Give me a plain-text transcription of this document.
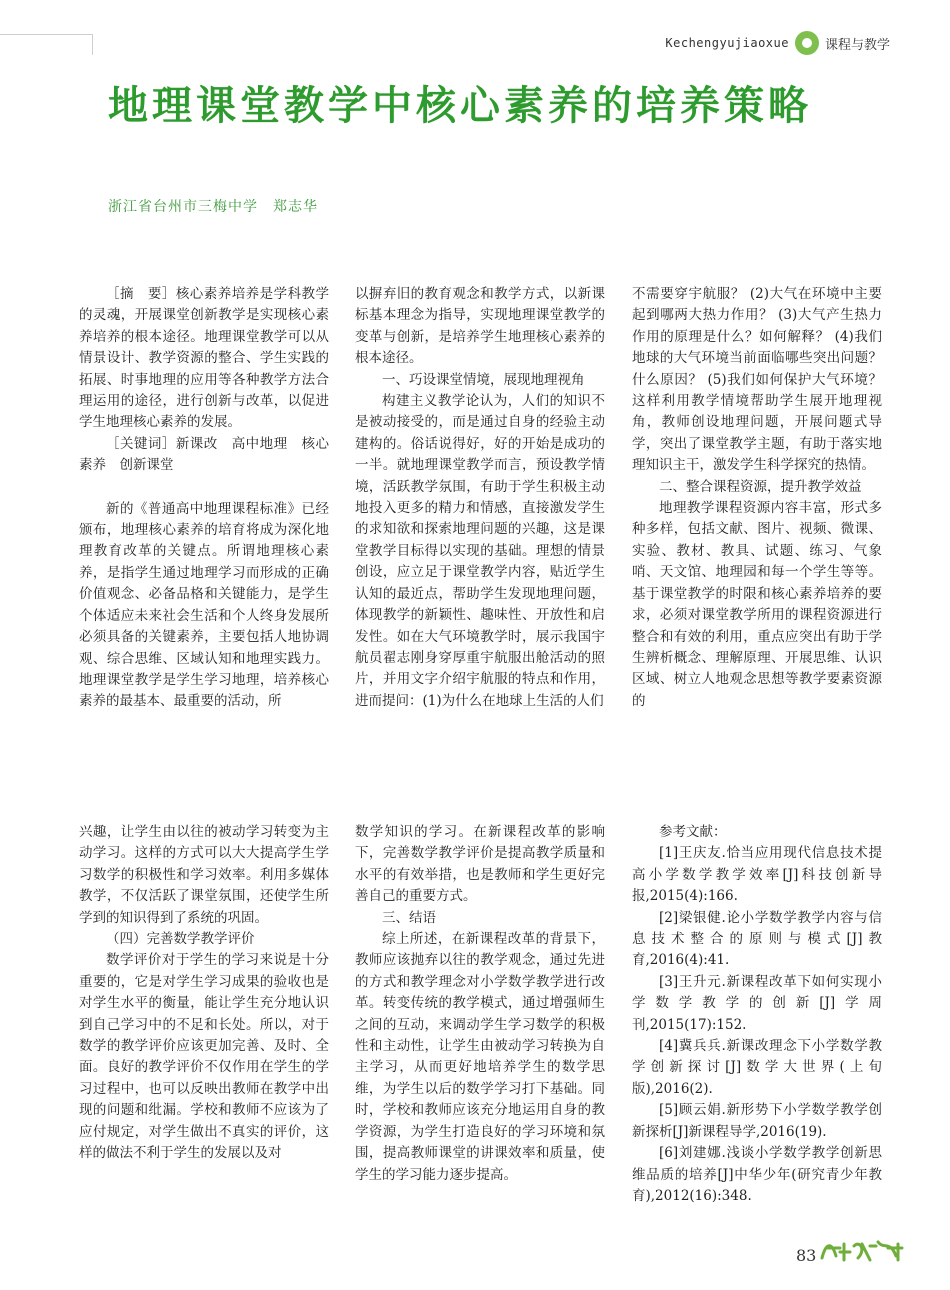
Kechengyujiaoxue	课程与教学
地理课堂教学中核心素养的培养策略
浙江省台州市三梅中学　郑志华

［摘　要］核心素养培养是学科教学的灵魂，开展课堂创新教学是实现核心素养培养的根本途径。地理课堂教学可以从情景设计、教学资源的整合、学生实践的拓展、时事地理的应用等各种教学方法合理运用的途径，进行创新与改革，以促进学生地理核心素养的发展。

［关键词］新课改　高中地理　核心素养　创新课堂

新的《普通高中地理课程标准》已经颁布，地理核心素养的培育将成为深化地理教育改革的关键点。所谓地理核心素养，是指学生通过地理学习而形成的正确价值观念、必备品格和关键能力，是学生个体适应未来社会生活和个人终身发展所必须具备的关键素养，主要包括人地协调观、综合思维、区域认知和地理实践力。地理课堂教学是学生学习地理，培养核心素养的最基本、最重要的活动，所

以摒弃旧的教育观念和教学方式，以新课标基本理念为指导，实现地理课堂教学的变革与创新，是培养学生地理核心素养的根本途径。

一、巧设课堂情境，展现地理视角

构建主义教学论认为，人们的知识不是被动接受的，而是通过自身的经验主动建构的。俗话说得好，好的开始是成功的一半。就地理课堂教学而言，预设教学情境，活跃教学氛围，有助于学生积极主动地投入更多的精力和情感，直接激发学生的求知欲和探索地理问题的兴趣，这是课堂教学目标得以实现的基础。理想的情景创设，应立足于课堂教学内容，贴近学生认知的最近点，帮助学生发现地理问题，体现教学的新颖性、趣味性、开放性和启发性。如在大气环境教学时，展示我国宇航员翟志刚身穿厚重宇航服出舱活动的照片，并用文字介绍宇航服的特点和作用，进而提问：(1)为什么在地球上生活的人们

不需要穿宇航服？ (2)大气在环境中主要起到哪两大热力作用？ (3)大气产生热力作用的原理是什么？如何解释？ (4)我们地球的大气环境当前面临哪些突出问题？什么原因？ (5)我们如何保护大气环境？这样利用教学情境帮助学生展开地理视角，教师创设地理问题，开展问题式导学，突出了课堂教学主题，有助于落实地理知识主干，激发学生科学探究的热情。

二、整合课程资源，提升教学效益

地理教学课程资源内容丰富，形式多种多样，包括文献、图片、视频、微课、实验、教材、教具、试题、练习、气象哨、天文馆、地理园和每一个学生等等。基于课堂教学的时限和核心素养培养的要求，必须对课堂教学所用的课程资源进行整合和有效的利用，重点应突出有助于学生辨析概念、理解原理、开展思维、认识区域、树立人地观念思想等教学要素资源的

兴趣，让学生由以往的被动学习转变为主动学习。这样的方式可以大大提高学生学习数学的积极性和学习效率。利用多媒体教学，不仅活跃了课堂氛围，还使学生所学到的知识得到了系统的巩固。

（四）完善数学教学评价

数学评价对于学生的学习来说是十分重要的，它是对学生学习成果的验收也是对学生水平的衡量，能让学生充分地认识到自己学习中的不足和长处。所以，对于数学的教学评价应该更加完善、及时、全面。良好的教学评价不仅作用在学生的学习过程中，也可以反映出教师在教学中出现的问题和纰漏。学校和教师不应该为了应付规定，对学生做出不真实的评价，这样的做法不利于学生的发展以及对

数学知识的学习。在新课程改革的影响下，完善数学教学评价是提高教学质量和水平的有效举措，也是教师和学生更好完善自己的重要方式。

三、结语

综上所述，在新课程改革的背景下，教师应该抛弃以往的教学观念，通过先进的方式和教学理念对小学数学教学进行改革。转变传统的教学模式，通过增强师生之间的互动，来调动学生学习数学的积极性和主动性，让学生由被动学习转换为自主学习，从而更好地培养学生的数学思维，为学生以后的数学学习打下基础。同时，学校和教师应该充分地运用自身的教学资源，为学生打造良好的学习环境和氛围，提高教师课堂的讲课效率和质量，使学生的学习能力逐步提高。

参考文献：

[1]王庆友.恰当应用现代信息技术提高小学数学教学效率[J]科技创新导报,2015(4):166.

[2]梁银健.论小学数学教学内容与信息技术整合的原则与模式[J]教育,2016(4):41.

[3]王升元.新课程改革下如何实现小学数学教学的创新[J]学周刊,2015(17):152.

[4]冀兵兵.新课改理念下小学数学教学创新探讨[J]数学大世界(上旬版),2016(2).

[5]顾云娟.新形势下小学数学教学创新探析[J]新课程导学,2016(19).

[6]刘建娜.浅谈小学数学教学创新思维品质的培养[J]中华少年(研究青少年教育),2012(16):348.

83
